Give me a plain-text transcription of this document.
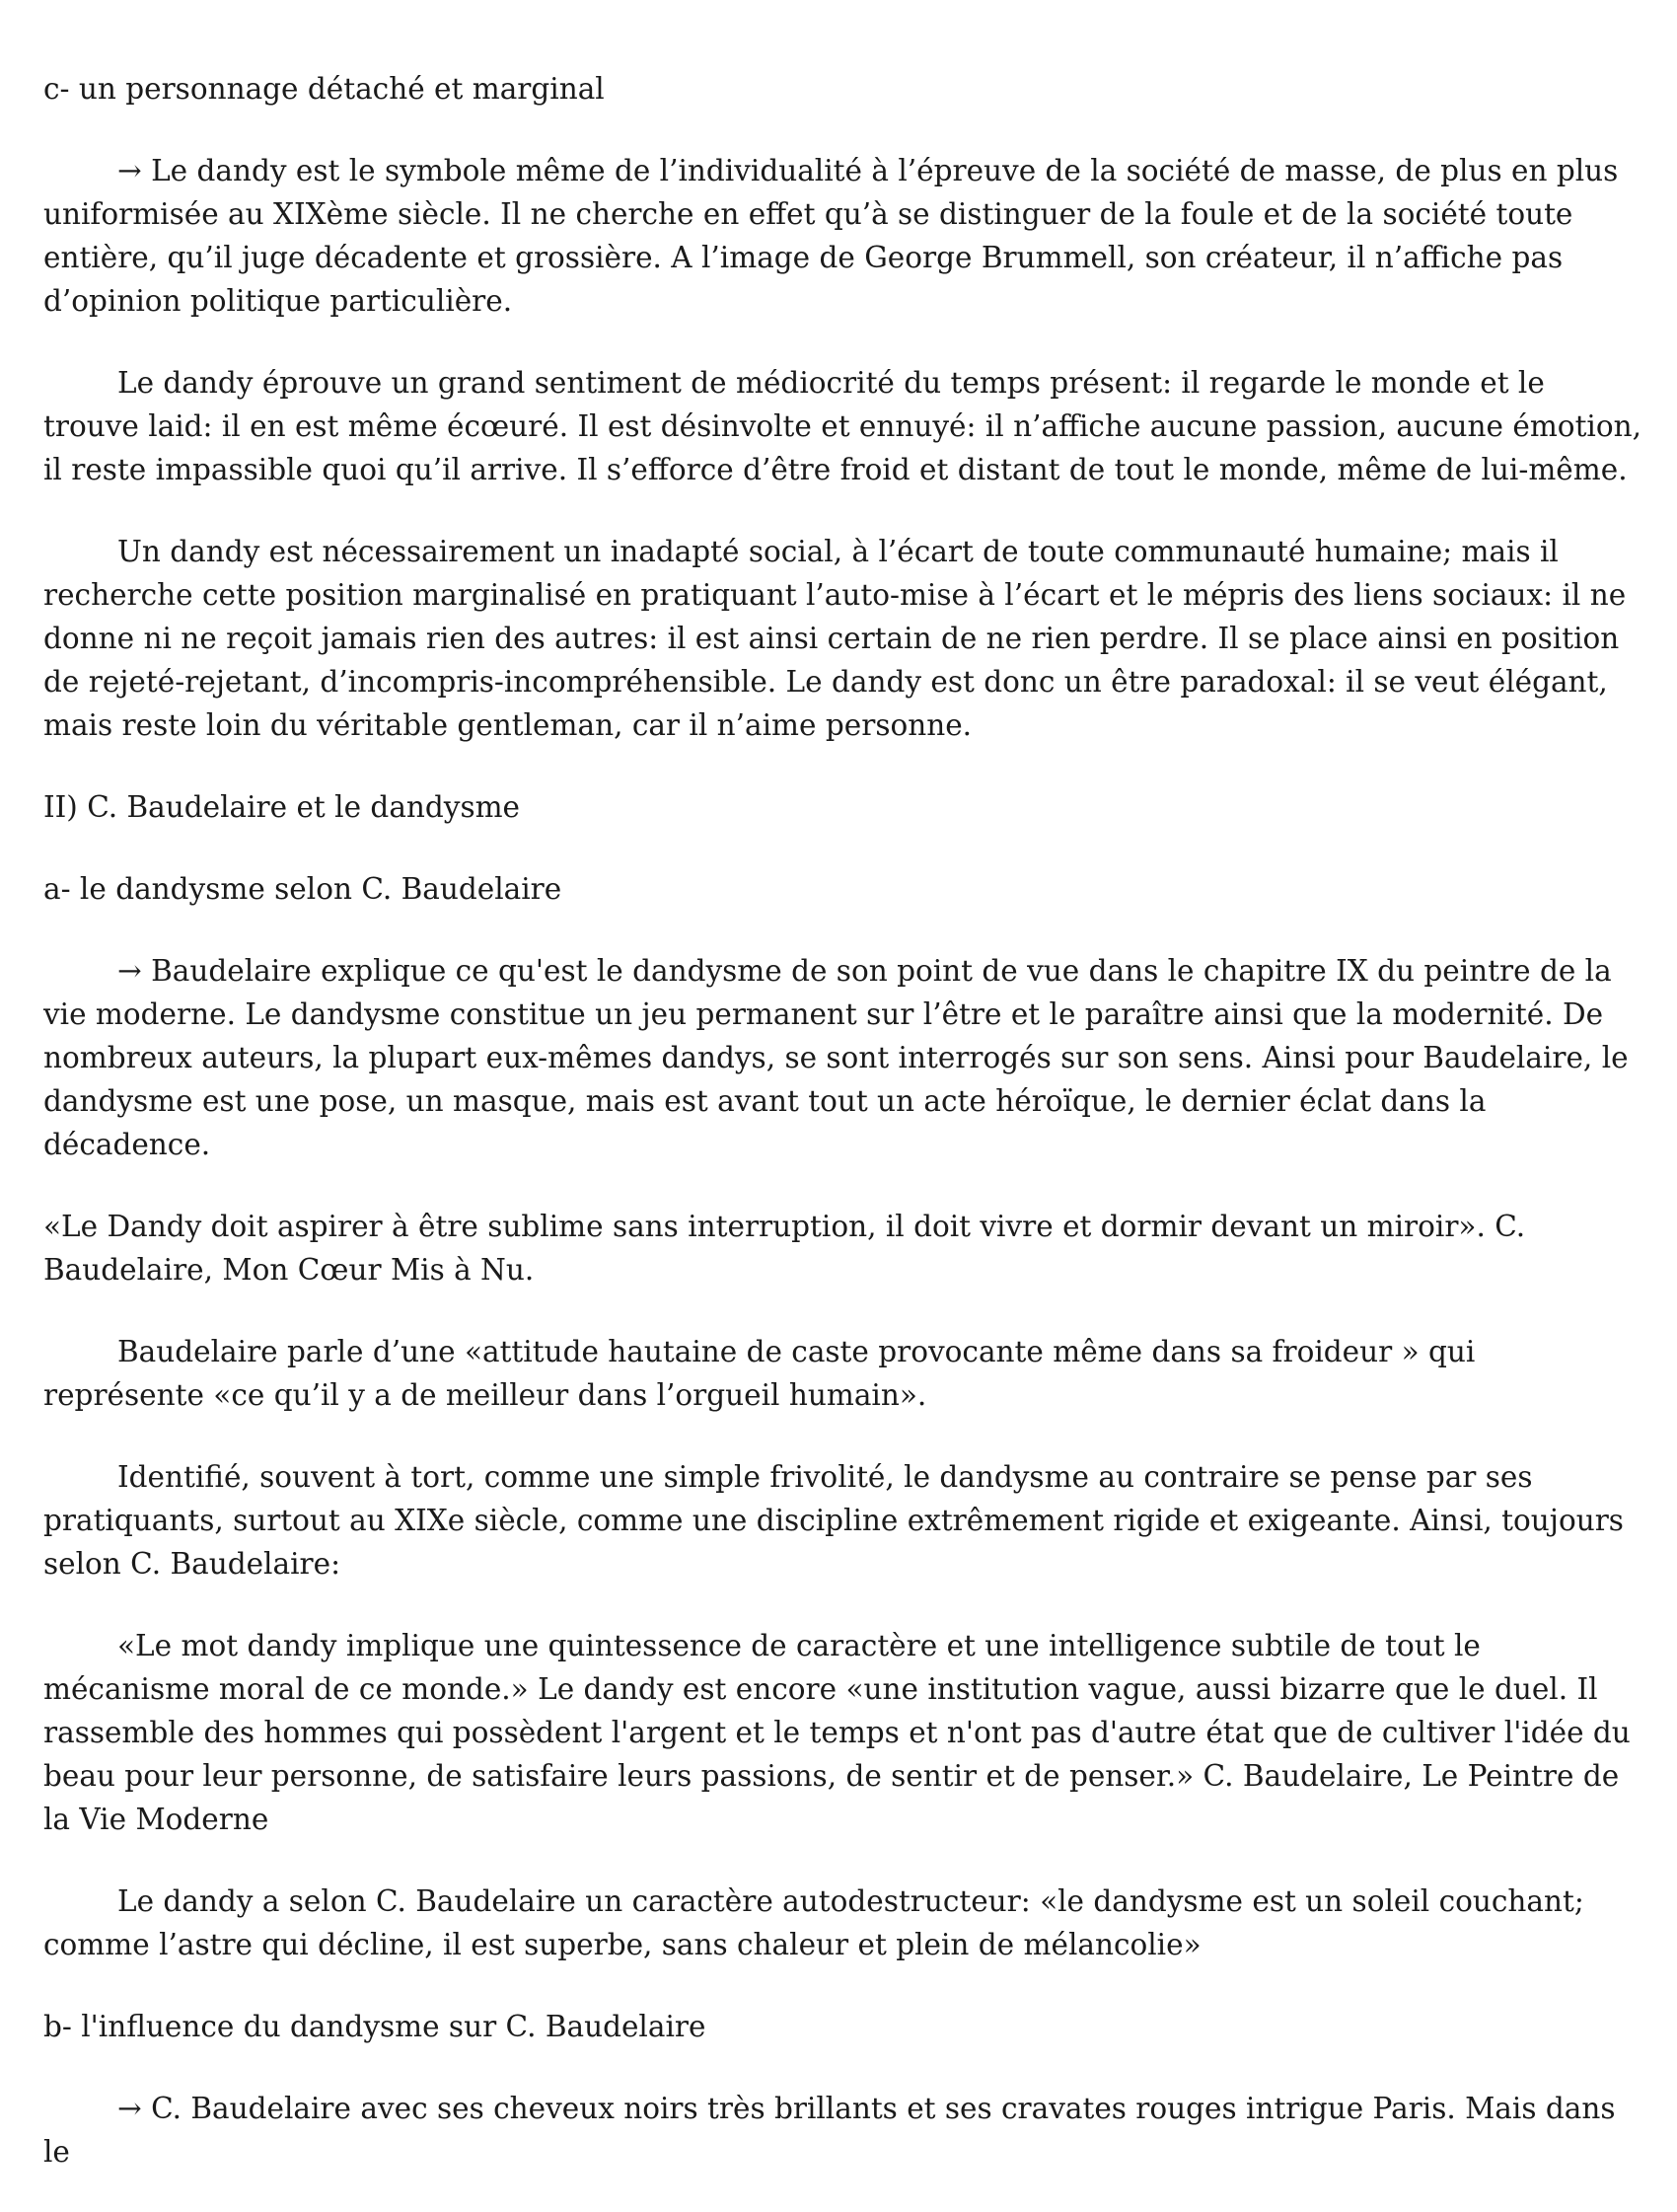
c- un personnage détaché et marginal

→ Le dandy est le symbole même de l’individualité à l’épreuve de la société de masse, de plus en plus uniformisée au XIXème siècle. Il ne cherche en effet qu’à se distinguer de la foule et de la société toute entière, qu’il juge décadente et grossière. A l’image de George Brummell, son créateur, il n’affiche pas d’opinion politique particulière.

Le dandy éprouve un grand sentiment de médiocrité du temps présent: il regarde le monde et le trouve laid: il en est même écœuré. Il est désinvolte et ennuyé: il n’affiche aucune passion, aucune émotion, il reste impassible quoi qu’il arrive. Il s’efforce d’être froid et distant de tout le monde, même de lui-même.

Un dandy est nécessairement un inadapté social, à l’écart de toute communauté humaine; mais il recherche cette position marginalisé en pratiquant l’auto-mise à l’écart et le mépris des liens sociaux: il ne donne ni ne reçoit jamais rien des autres: il est ainsi certain de ne rien perdre. Il se place ainsi en position de rejeté-rejetant, d’incompris-incompréhensible. Le dandy est donc un être paradoxal: il se veut élégant, mais reste loin du véritable gentleman, car il n’aime personne.

II) C. Baudelaire et le dandysme

a- le dandysme selon C. Baudelaire

→ Baudelaire explique ce qu'est le dandysme de son point de vue dans le chapitre IX du peintre de la vie moderne. Le dandysme constitue un jeu permanent sur l’être et le paraître ainsi que la modernité. De nombreux auteurs, la plupart eux-mêmes dandys, se sont interrogés sur son sens. Ainsi pour Baudelaire, le dandysme est une pose, un masque, mais est avant tout un acte héroïque, le dernier éclat dans la décadence.

«Le Dandy doit aspirer à être sublime sans interruption, il doit vivre et dormir devant un miroir». C. Baudelaire, Mon Cœur Mis à Nu.

Baudelaire parle d’une «attitude hautaine de caste provocante même dans sa froideur » qui représente «ce qu’il y a de meilleur dans l’orgueil humain».

Identifié, souvent à tort, comme une simple frivolité, le dandysme au contraire se pense par ses pratiquants, surtout au XIXe siècle, comme une discipline extrêmement rigide et exigeante. Ainsi, toujours selon C. Baudelaire:

«Le mot dandy implique une quintessence de caractère et une intelligence subtile de tout le mécanisme moral de ce monde.» Le dandy est encore «une institution vague, aussi bizarre que le duel. Il rassemble des hommes qui possèdent l'argent et le temps et n'ont pas d'autre état que de cultiver l'idée du beau pour leur personne, de satisfaire leurs passions, de sentir et de penser.» C. Baudelaire, Le Peintre de la Vie Moderne

Le dandy a selon C. Baudelaire un caractère autodestructeur: «le dandysme est un soleil couchant; comme l’astre qui décline, il est superbe, sans chaleur et plein de mélancolie»

b- l'influence du dandysme sur C. Baudelaire

→ C. Baudelaire avec ses cheveux noirs très brillants et ses cravates rouges intrigue Paris. Mais dans le
